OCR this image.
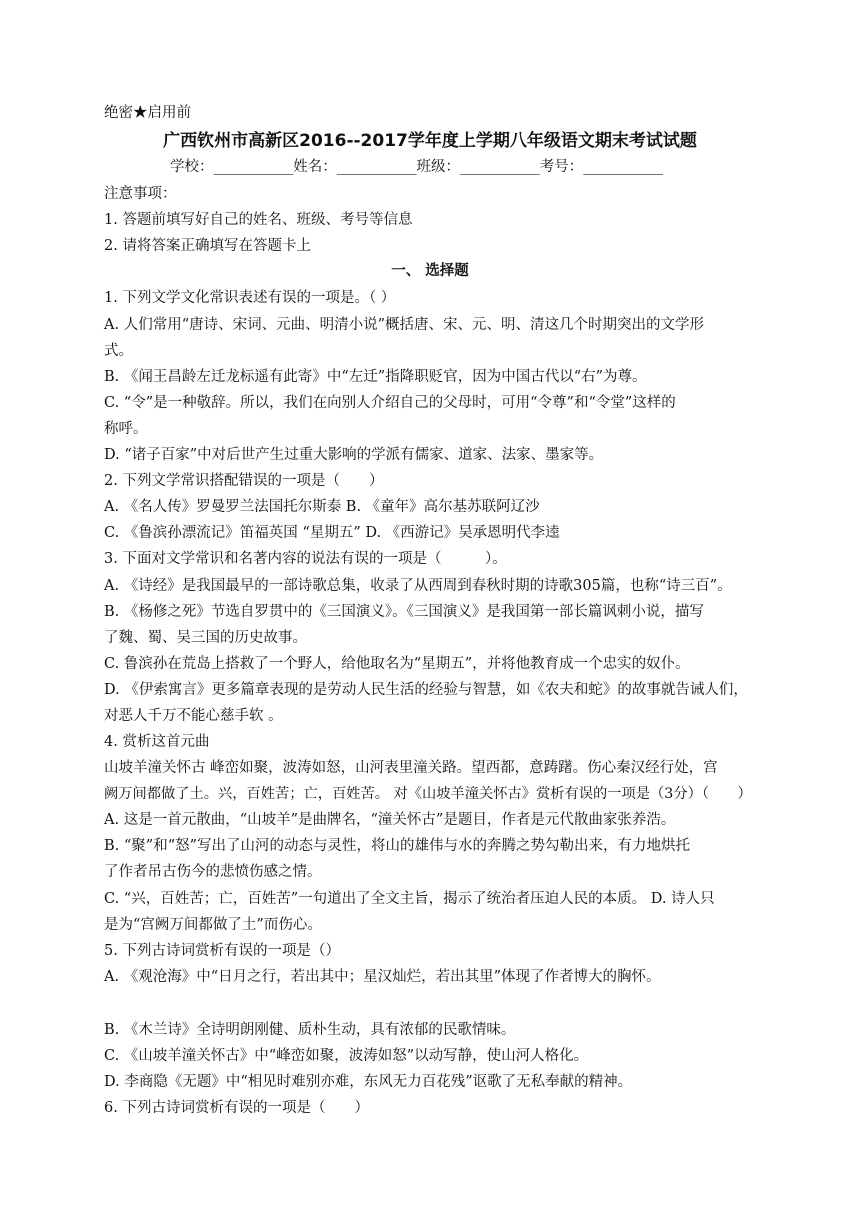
绝密★启用前
广西钦州市高新区2016--2017学年度上学期八年级语文期末考试试题
学校：___________姓名：___________班级：___________考号：___________
注意事项：
1. 答题前填写好自己的姓名、班级、考号等信息
2. 请将答案正确填写在答题卡上
一、 选择题
1. 下列文学文化常识表述有误的一项是。（ ）
A. 人们常用“唐诗、宋词、元曲、明清小说”概括唐、宋、元、明、清这几个时期突出的文学形
式。
B. 《闻王昌龄左迁龙标遥有此寄》中“左迁”指降职贬官，因为中国古代以“右”为尊。
C. “令”是一种敬辞。所以，我们在向别人介绍自己的父母时，可用“令尊”和“令堂”这样的
称呼。
D. “诸子百家”中对后世产生过重大影响的学派有儒家、道家、法家、墨家等。
2. 下列文学常识搭配错误的一项是（　　）
A. 《名人传》罗曼罗兰法国托尔斯泰 B. 《童年》高尔基苏联阿辽沙
C. 《鲁滨孙漂流记》笛福英国 “星期五” D. 《西游记》吴承恩明代李逵
3. 下面对文学常识和名著内容的说法有误的一项是（　　　）。
A. 《诗经》是我国最早的一部诗歌总集，收录了从西周到春秋时期的诗歌305篇，也称“诗三百”。
B. 《杨修之死》节选自罗贯中的《三国演义》。《三国演义》是我国第一部长篇讽刺小说，描写
了魏、蜀、吴三国的历史故事。
C. 鲁滨孙在荒岛上搭救了一个野人，给他取名为“星期五”，并将他教育成一个忠实的奴仆。
D. 《伊索寓言》更多篇章表现的是劳动人民生活的经验与智慧，如《农夫和蛇》的故事就告诫人们，
对恶人千万不能心慈手软 。
4. 赏析这首元曲
山坡羊潼关怀古 峰峦如聚，波涛如怒，山河表里潼关路。望西都，意踌躇。伤心秦汉经行处，宫
阙万间都做了土。兴，百姓苦；亡，百姓苦。 对《山坡羊潼关怀古》赏析有误的一项是（3分）（　　）
A. 这是一首元散曲，“山坡羊”是曲牌名，“潼关怀古”是题目，作者是元代散曲家张养浩。
B. “聚”和“怒”写出了山河的动态与灵性，将山的雄伟与水的奔腾之势勾勒出来，有力地烘托
了作者吊古伤今的悲愤伤感之情。
C. “兴，百姓苦；亡，百姓苦”一句道出了全文主旨，揭示了统治者压迫人民的本质。 D. 诗人只
是为“宫阙万间都做了土”而伤心。
5. 下列古诗词赏析有误的一项是（）
A. 《观沧海》中“日月之行，若出其中；星汉灿烂，若出其里”体现了作者博大的胸怀。
B. 《木兰诗》全诗明朗刚健、质朴生动，具有浓郁的民歌情味。
C. 《山坡羊潼关怀古》中“峰峦如聚，波涛如怒”以动写静，使山河人格化。
D. 李商隐《无题》中“相见时难别亦难，东风无力百花残”讴歌了无私奉献的精神。
6. 下列古诗词赏析有误的一项是（　　）
